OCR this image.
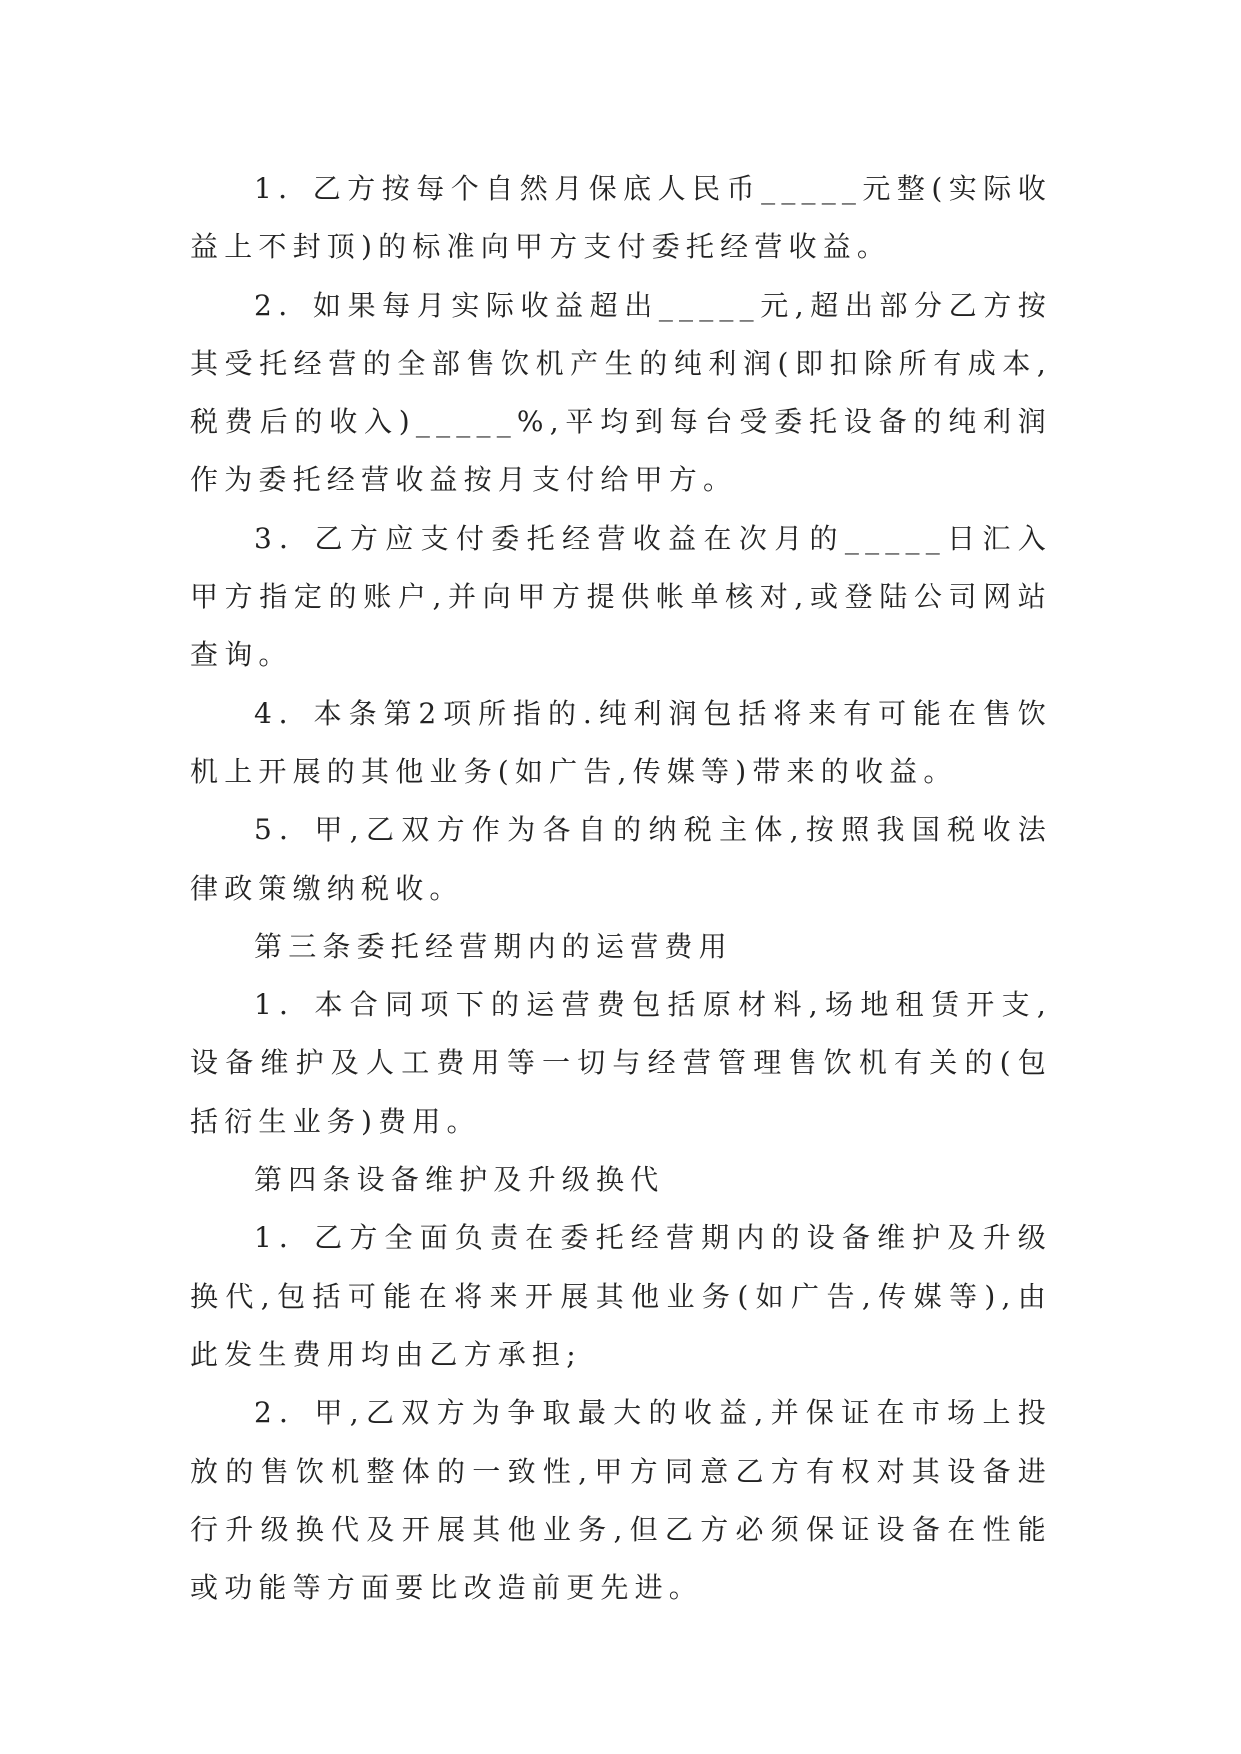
1．乙方按每个自然月保底人民币_____元整(实际收益上不封顶)的标准向甲方支付委托经营收益。

2．如果每月实际收益超出_____元,超出部分乙方按其受托经营的全部售饮机产生的纯利润(即扣除所有成本,税费后的收入)_____%,平均到每台受委托设备的纯利润作为委托经营收益按月支付给甲方。

3．乙方应支付委托经营收益在次月的_____日汇入甲方指定的账户,并向甲方提供帐单核对,或登陆公司网站查询。

4．本条第2项所指的.纯利润包括将来有可能在售饮机上开展的其他业务(如广告,传媒等)带来的收益。

5．甲,乙双方作为各自的纳税主体,按照我国税收法律政策缴纳税收。

第三条委托经营期内的运营费用

1．本合同项下的运营费包括原材料,场地租赁开支,设备维护及人工费用等一切与经营管理售饮机有关的(包括衍生业务)费用。

第四条设备维护及升级换代

1．乙方全面负责在委托经营期内的设备维护及升级换代,包括可能在将来开展其他业务(如广告,传媒等),由此发生费用均由乙方承担;

2．甲,乙双方为争取最大的收益,并保证在市场上投放的售饮机整体的一致性,甲方同意乙方有权对其设备进行升级换代及开展其他业务,但乙方必须保证设备在性能或功能等方面要比改造前更先进。
